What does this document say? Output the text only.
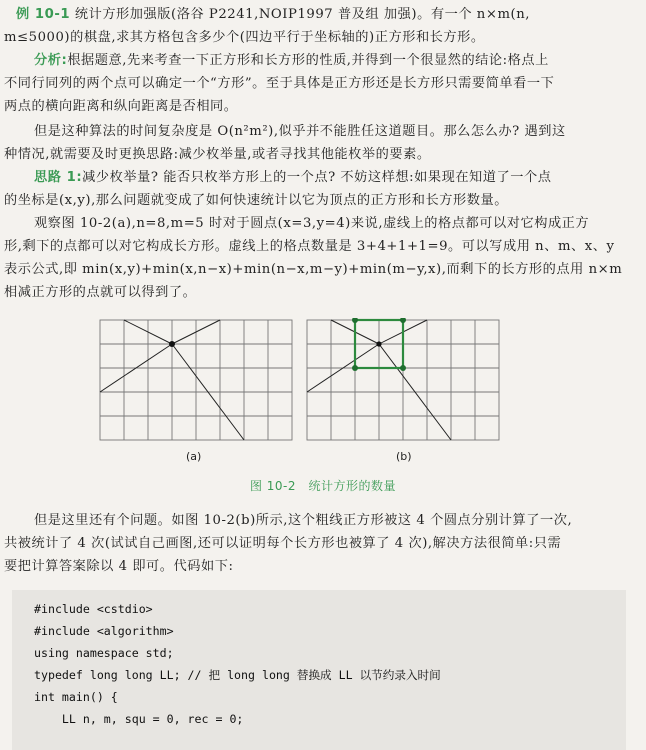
例 10-1 统计方形加强版(洛谷 P2241,NOIP1997 普及组 加强)。有一个 n×m(n,
m≤5000)的棋盘,求其方格包含多少个(四边平行于坐标轴的)正方形和长方形。
分析:根据题意,先来考查一下正方形和长方形的性质,并得到一个很显然的结论:格点上
不同行同列的两个点可以确定一个“方形”。至于具体是正方形还是长方形只需要简单看一下
两点的横向距离和纵向距离是否相同。
但是这种算法的时间复杂度是 O(n²m²),似乎并不能胜任这道题目。那么怎么办? 遇到这
种情况,就需要及时更换思路:减少枚举量,或者寻找其他能枚举的要素。
思路 1:减少枚举量? 能否只枚举方形上的一个点? 不妨这样想:如果现在知道了一个点
的坐标是(x,y),那么问题就变成了如何快速统计以它为顶点的正方形和长方形数量。
观察图 10-2(a),n=8,m=5 时对于圆点(x=3,y=4)来说,虚线上的格点都可以对它构成正方
形,剩下的点都可以对它构成长方形。虚线上的格点数量是 3+4+1+1=9。可以写成用 n、m、x、y
表示公式,即 min(x,y)+min(x,n−x)+min(n−x,m−y)+min(m−y,x),而剩下的长方形的点用 n×m
相减正方形的点就可以得到了。
(a)	(b)
图 10-2　统计方形的数量
但是这里还有个问题。如图 10-2(b)所示,这个粗线正方形被这 4 个圆点分别计算了一次,
共被统计了 4 次(试试自己画图,还可以证明每个长方形也被算了 4 次),解决方法很简单:只需
要把计算答案除以 4 即可。代码如下:
#include <cstdio>
#include <algorithm>
using namespace std;
typedef long long LL; // 把 long long 替换成 LL 以节约录入时间
int main() {
LL n, m, squ = 0, rec = 0;
